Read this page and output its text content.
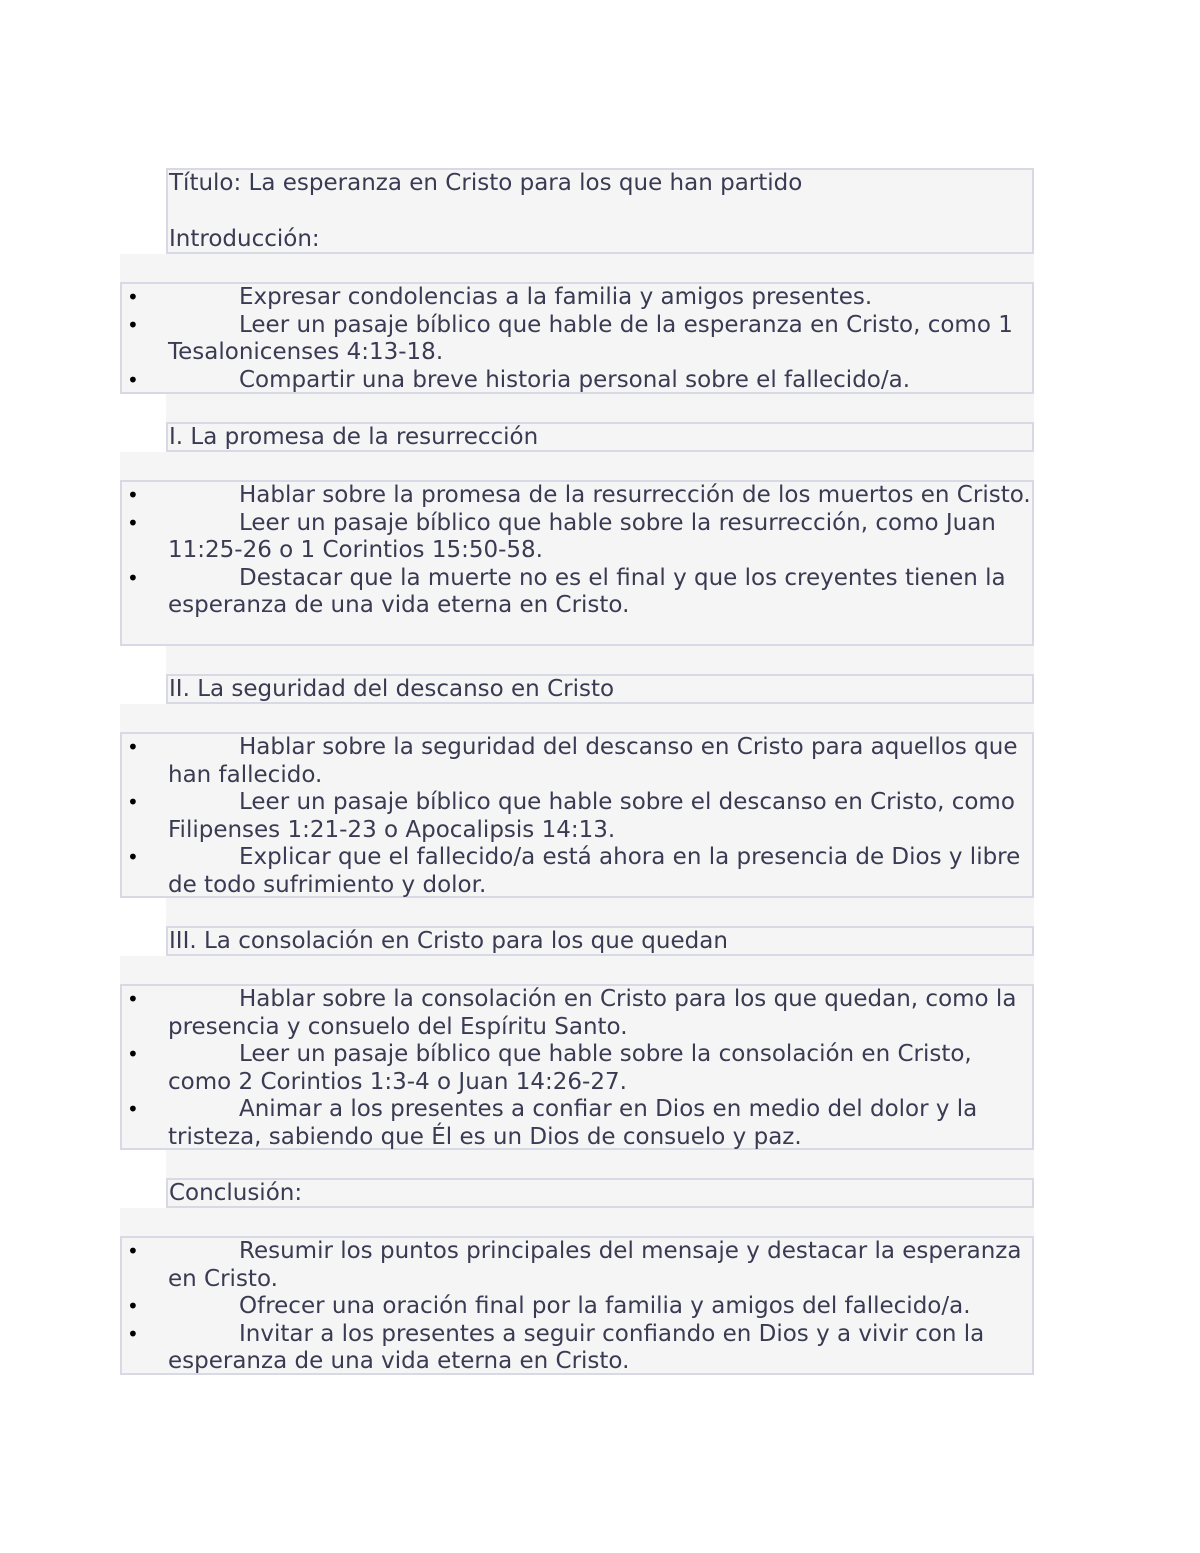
Título: La esperanza en Cristo para los que han partido
Introducción:
•	Expresar condolencias a la familia y amigos presentes.
•	Leer un pasaje bíblico que hable de la esperanza en Cristo, como 1 Tesalonicenses 4:13-18.
•	Compartir una breve historia personal sobre el fallecido/a.
I. La promesa de la resurrección
•	Hablar sobre la promesa de la resurrección de los muertos en Cristo.
•	Leer un pasaje bíblico que hable sobre la resurrección, como Juan 11:25-26 o 1 Corintios 15:50-58.
•	Destacar que la muerte no es el final y que los creyentes tienen la esperanza de una vida eterna en Cristo.
II. La seguridad del descanso en Cristo
•	Hablar sobre la seguridad del descanso en Cristo para aquellos que han fallecido.
•	Leer un pasaje bíblico que hable sobre el descanso en Cristo, como Filipenses 1:21-23 o Apocalipsis 14:13.
•	Explicar que el fallecido/a está ahora en la presencia de Dios y libre de todo sufrimiento y dolor.
III. La consolación en Cristo para los que quedan
•	Hablar sobre la consolación en Cristo para los que quedan, como la presencia y consuelo del Espíritu Santo.
•	Leer un pasaje bíblico que hable sobre la consolación en Cristo, como 2 Corintios 1:3-4 o Juan 14:26-27.
•	Animar a los presentes a confiar en Dios en medio del dolor y la tristeza, sabiendo que Él es un Dios de consuelo y paz.
Conclusión:
•	Resumir los puntos principales del mensaje y destacar la esperanza en Cristo.
•	Ofrecer una oración final por la familia y amigos del fallecido/a.
•	Invitar a los presentes a seguir confiando en Dios y a vivir con la esperanza de una vida eterna en Cristo.
